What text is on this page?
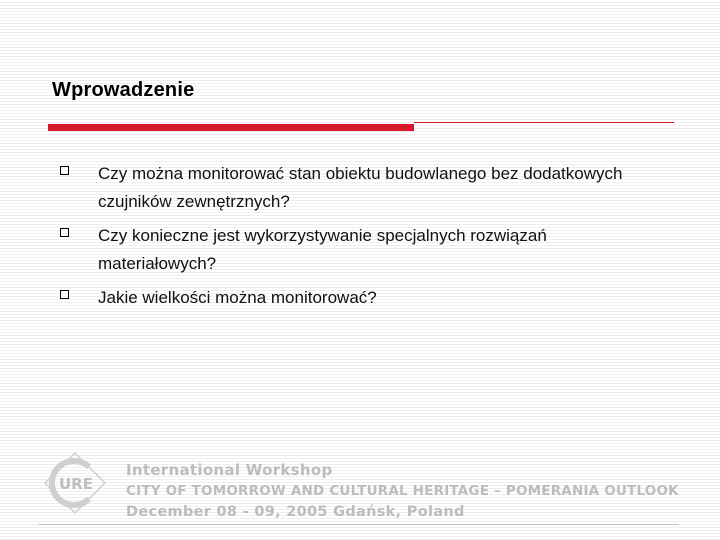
Wprowadzenie
Czy można monitorować stan obiektu budowlanego bez dodatkowych czujników zewnętrznych?
Czy konieczne jest wykorzystywanie specjalnych rozwiązań materiałowych?
Jakie wielkości można monitorować?
URE
International Workshop
CITY OF TOMORROW AND CULTURAL HERITAGE – POMERANIA OUTLOOK
December 08 - 09, 2005 Gdańsk, Poland
